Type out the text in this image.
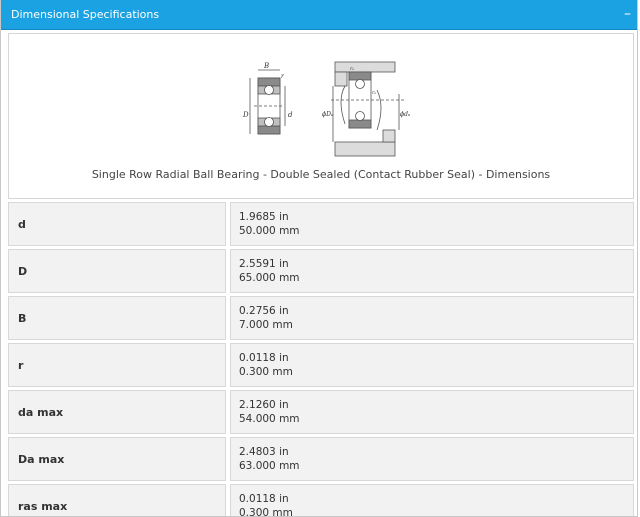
Dimensional Specifications	–
B
r
D	d	ϕDₐ	ϕdₐ
rₐ
rₐ
Single Row Radial Ball Bearing - Double Sealed (Contact Rubber Seal) - Dimensions
d
1.9685 in
50.000 mm
D
2.5591 in
65.000 mm
B
0.2756 in
7.000 mm
r
0.0118 in
0.300 mm
da max
2.1260 in
54.000 mm
Da max
2.4803 in
63.000 mm
ras max
0.0118 in
0.300 mm
